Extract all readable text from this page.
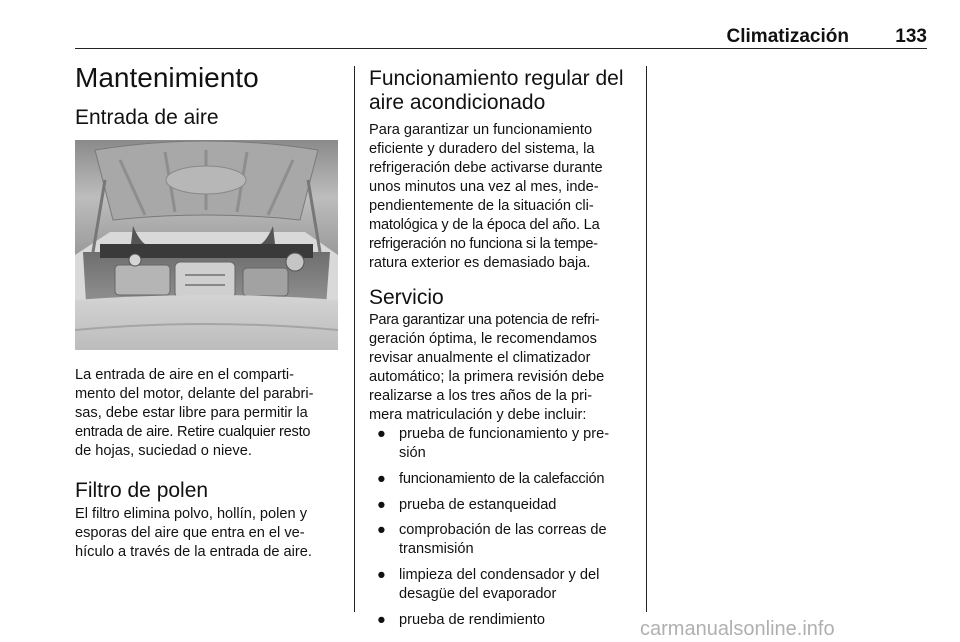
Climatización 133
Mantenimiento
Entrada de aire
La entrada de aire en el comparti-
mento del motor, delante del parabri-
sas, debe estar libre para permitir la
entrada de aire. Retire cualquier resto
de hojas, suciedad o nieve.
Filtro de polen
El filtro elimina polvo, hollín, polen y
esporas del aire que entra en el ve-
hículo a través de la entrada de aire.
Funcionamiento regular del
aire acondicionado
Para garantizar un funcionamiento
eficiente y duradero del sistema, la
refrigeración debe activarse durante
unos minutos una vez al mes, inde-
pendientemente de la situación cli-
matológica y de la época del año. La
refrigeración no funciona si la tempe-
ratura exterior es demasiado baja.
Servicio
Para garantizar una potencia de refri-
geración óptima, le recomendamos
revisar anualmente el climatizador
automático; la primera revisión debe
realizarse a los tres años de la pri-
mera matriculación y debe incluir:
● prueba de funcionamiento y pre-
sión
● funcionamiento de la calefacción
● prueba de estanqueidad
● comprobación de las correas de
transmisión
● limpieza del condensador y del
desagüe del evaporador
● prueba de rendimiento	carmanualsonline.info
